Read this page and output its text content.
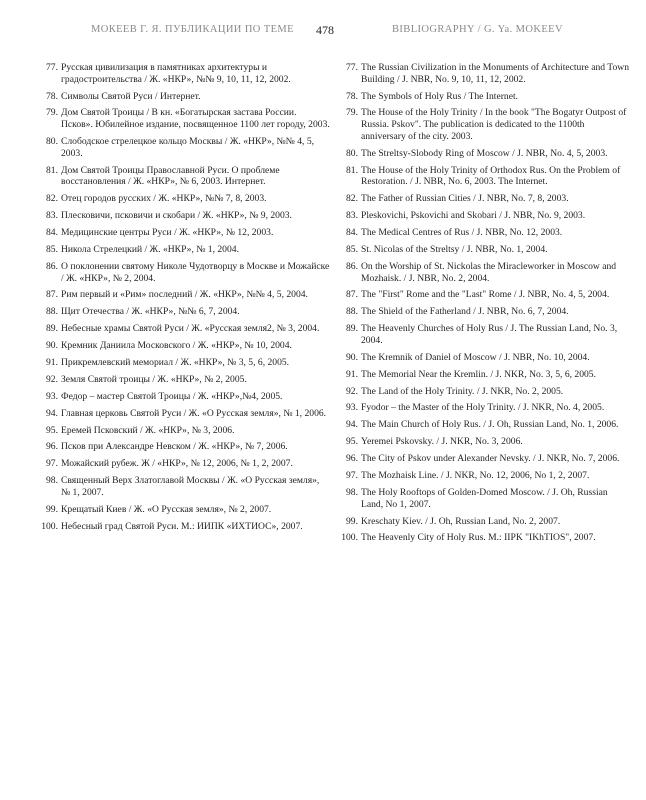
МОКЕЕВ Г. Я. ПУБЛИКАЦИИ ПО ТЕМЕ 478	BIBLIOGRAPHY / G. Ya. MOKEEV
77. Русская цивилизация в памятниках архитектуры и градостроительства / Ж. «НКР», №№ 9, 10, 11, 12, 2002.
78. Символы Святой Руси / Интернет.
79. Дом Святой Троицы / В кн. «Богатырская застава России. Псков». Юбилейное издание, посвященное 1100 лет городу, 2003.
80. Слободское стрелецкое кольцо Москвы / Ж. «НКР», №№ 4, 5, 2003.
81. Дом Святой Троицы Православной Руси. О проблеме восстановления / Ж. «НКР», № 6, 2003. Интернет.
82. Отец городов русских / Ж. «НКР», №№ 7, 8, 2003.
83. Плесковичи, псковичи и скобари / Ж. «НКР», № 9, 2003.
84. Медицинские центры Руси / Ж. «НКР», № 12, 2003.
85. Никола Стрелецкий / Ж. «НКР», № 1, 2004.
86. О поклонении святому Николе Чудотворцу в Москве и Можайске / Ж. «НКР», № 2, 2004.
87. Рим первый и «Рим» последний / Ж. «НКР», №№ 4, 5, 2004.
88. Щит Отечества / Ж. «НКР», №№ 6, 7, 2004.
89. Небесные храмы Святой Руси / Ж. «Русская земля2, № 3, 2004.
90. Кремник Даниила Московского / Ж. «НКР», № 10, 2004.
91. Прикремлевский мемориал / Ж. «НКР», № 3, 5, 6, 2005.
92. Земля Святой троицы / Ж. «НКР», № 2, 2005.
93. Федор – мастер Святой Троицы / Ж. «НКР»,№4, 2005.
94. Главная церковь Святой Руси / Ж. «О Русская земля», № 1, 2006.
95. Еремей Псковский / Ж. «НКР», № 3, 2006.
96. Псков при Александре Невском / Ж. «НКР», № 7, 2006.
97. Можайский рубеж. Ж / «НКР», № 12, 2006, № 1, 2, 2007.
98. Священный Верх Златоглавой Москвы / Ж. «О Русская земля», № 1, 2007.
99. Крещатый Киев / Ж. «О Русская земля», № 2, 2007.
100. Небесный град Святой Руси. М.: ИИПК «ИХТИОС», 2007.
77. The Russian Civilization in the Monuments of Architecture and Town Building / J. NBR, No. 9, 10, 11, 12, 2002.
78. The Symbols of Holy Rus / The Internet.
79. The House of the Holy Trinity / In the book "The Bogatyr Outpost of Russia. Pskov". The publication is dedicated to the 1100th anniversary of the city. 2003.
80. The Streltsy-Slobody Ring of Moscow / J. NBR, No. 4, 5, 2003.
81. The House of the Holy Trinity of Orthodox Rus. On the Problem of Restoration. / J. NBR, No. 6, 2003. The Internet.
82. The Father of Russian Cities / J. NBR, No. 7, 8, 2003.
83. Pleskovichi, Pskovichi and Skobari / J. NBR, No. 9, 2003.
84. The Medical Centres of Rus / J. NBR, No. 12, 2003.
85. St. Nicolas of the Streltsy / J. NBR, No. 1, 2004.
86. On the Worship of St. Nickolas the Miracleworker in Moscow and Mozhaisk. / J. NBR, No. 2, 2004.
87. The "First" Rome and the "Last" Rome / J. NBR, No. 4, 5, 2004.
88. The Shield of the Fatherland / J. NBR, No. 6, 7, 2004.
89. The Heavenly Churches of Holy Rus / J. The Russian Land, No. 3, 2004.
90. The Kremnik of Daniel of Moscow / J. NBR, No. 10, 2004.
91. The Memorial Near the Kremlin. / J. NKR, No. 3, 5, 6, 2005.
92. The Land of the Holy Trinity. / J. NKR, No. 2, 2005.
93. Fyodor – the Master of the Holy Trinity. / J. NKR, No. 4, 2005.
94. The Main Church of Holy Rus. / J. Oh, Russian Land, No. 1, 2006.
95. Yeremei Pskovsky. / J. NKR, No. 3, 2006.
96. The City of Pskov under Alexander Nevsky. / J. NKR, No. 7, 2006.
97. The Mozhaisk Line. / J. NKR, No. 12, 2006, No 1, 2, 2007.
98. The Holy Rooftops of Golden-Domed Moscow. / J. Oh, Russian Land, No 1, 2007.
99. Kreschaty Kiev. / J. Oh, Russian Land, No. 2, 2007.
100. The Heavenly City of Holy Rus. M.: IIPK "IKhTIOS", 2007.
